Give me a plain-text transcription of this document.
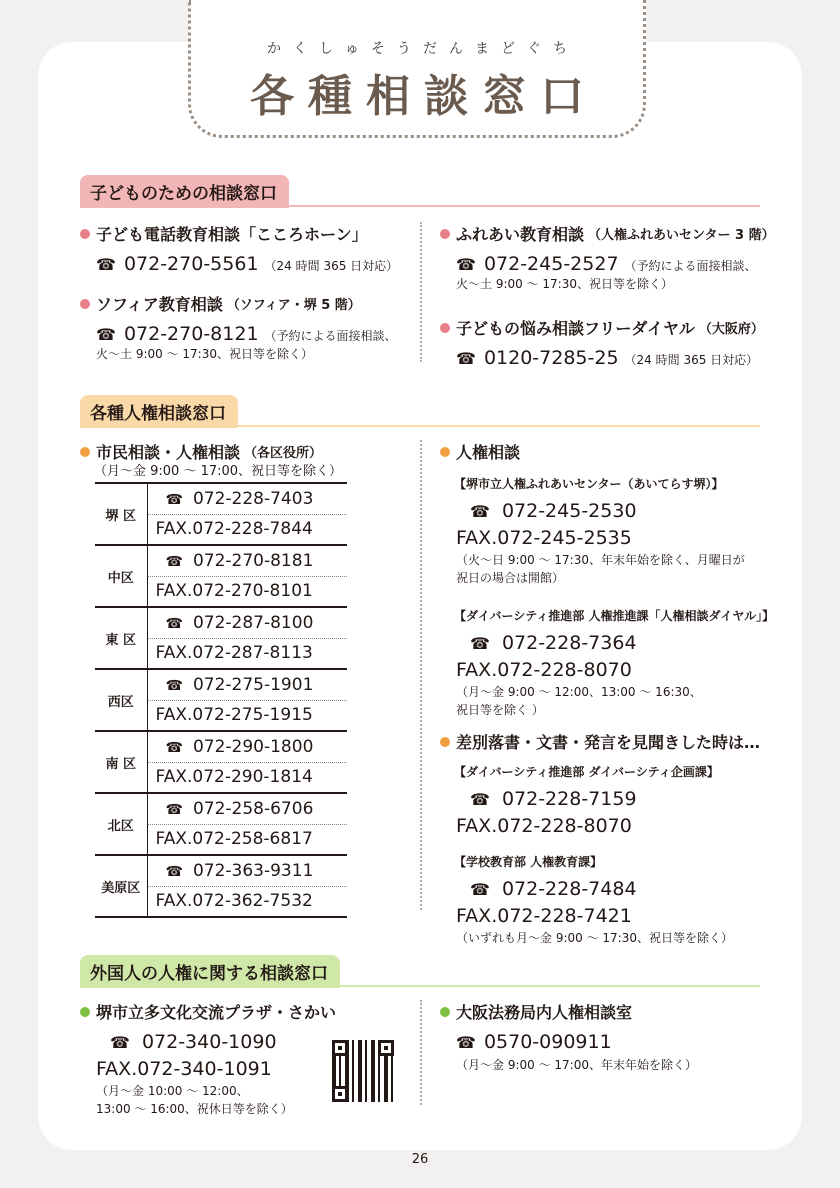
かくしゅそうだんまどぐち
各種相談窓口
子どものための相談窓口
子ども電話教育相談「こころホーン」
☎ 072-270-5561 （24 時間 365 日対応）
ソフィア教育相談 （ソフィア・堺 5 階）
☎ 072-270-8121 （予約による面接相談、
火～土 9:00 ～ 17:30、祝日等を除く）
ふれあい教育相談 （人権ふれあいセンター 3 階）
☎ 072-245-2527 （予約による面接相談、
火～土 9:00 ～ 17:30、祝日等を除く）
子どもの悩み相談フリーダイヤル （大阪府）
☎ 0120-7285-25 （24 時間 365 日対応）
各種人権相談窓口
市民相談・人権相談 （各区役所）
（月～金 9:00 ～ 17:00、祝日等を除く）
堺 区	☎ 072-228-7403
	FAX.072-228-7844
中区	☎ 072-270-8181
	FAX.072-270-8101
東 区	☎ 072-287-8100
	FAX.072-287-8113
西区	☎ 072-275-1901
	FAX.072-275-1915
南 区	☎ 072-290-1800
	FAX.072-290-1814
北区	☎ 072-258-6706
	FAX.072-258-6817
美原区	☎ 072-363-9311
	FAX.072-362-7532
人権相談
【堺市立人権ふれあいセンター（あいてらす堺）】
☎ 072-245-2530
FAX.072-245-2535
（火～日 9:00 ～ 17:30、年末年始を除く、月曜日が
祝日の場合は開館）
【ダイバーシティ推進部 人権推進課「人権相談ダイヤル」】
☎ 072-228-7364
FAX.072-228-8070
（月～金 9:00 ～ 12:00、13:00 ～ 16:30、
祝日等を除く ）
差別落書・文書・発言を見聞きした時は…
【ダイバーシティ推進部 ダイバーシティ企画課】
☎ 072-228-7159
FAX.072-228-8070
【学校教育部 人権教育課】
☎ 072-228-7484
FAX.072-228-7421
（いずれも月～金 9:00 ～ 17:30、祝日等を除く）
外国人の人権に関する相談窓口
堺市立多文化交流プラザ・さかい
☎ 072-340-1090
FAX.072-340-1091
（月～金 10:00 ～ 12:00、
13:00 ～ 16:00、祝休日等を除く）
大阪法務局内人権相談室
☎ 0570-090911
（月～金 9:00 ～ 17:00、年末年始を除く）
26
